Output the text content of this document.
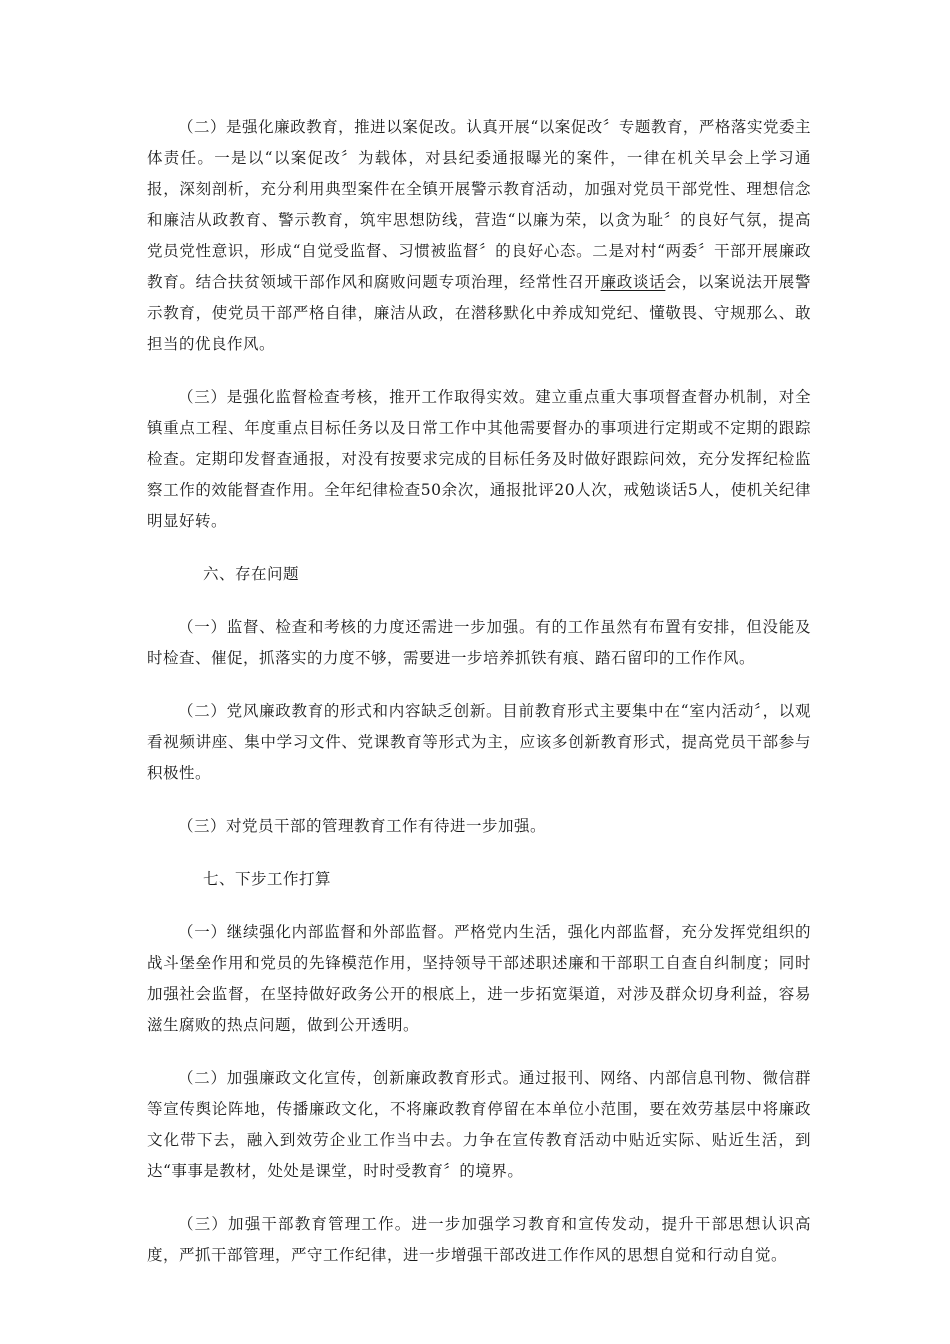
（二）是强化廉政教育，推进以案促改。认真开展“以案促改〞专题教育，严格落实党委主体责任。一是以“以案促改〞为载体，对县纪委通报曝光的案件，一律在机关早会上学习通报，深刻剖析，充分利用典型案件在全镇开展警示教育活动，加强对党员干部党性、理想信念和廉洁从政教育、警示教育，筑牢思想防线，营造“以廉为荣，以贪为耻〞的良好气氛，提高党员党性意识，形成“自觉受监督、习惯被监督〞的良好心态。二是对村“两委〞干部开展廉政教育。结合扶贫领域干部作风和腐败问题专项治理，经常性召开廉政谈话会，以案说法开展警示教育，使党员干部严格自律，廉洁从政，在潜移默化中养成知党纪、懂敬畏、守规那么、敢担当的优良作风。

（三）是强化监督检查考核，推开工作取得实效。建立重点重大事项督查督办机制，对全镇重点工程、年度重点目标任务以及日常工作中其他需要督办的事项进行定期或不定期的跟踪检查。定期印发督查通报，对没有按要求完成的目标任务及时做好跟踪问效，充分发挥纪检监察工作的效能督查作用。全年纪律检查50余次，通报批评20人次，戒勉谈话5人，使机关纪律明显好转。

六、存在问题

（一）监督、检查和考核的力度还需进一步加强。有的工作虽然有布置有安排，但没能及时检查、催促，抓落实的力度不够，需要进一步培养抓铁有痕、踏石留印的工作作风。

（二）党风廉政教育的形式和内容缺乏创新。目前教育形式主要集中在“室内活动〞，以观看视频讲座、集中学习文件、党课教育等形式为主，应该多创新教育形式，提高党员干部参与积极性。

（三）对党员干部的管理教育工作有待进一步加强。

七、下步工作打算

（一）继续强化内部监督和外部监督。严格党内生活，强化内部监督，充分发挥党组织的战斗堡垒作用和党员的先锋模范作用，坚持领导干部述职述廉和干部职工自查自纠制度；同时加强社会监督，在坚持做好政务公开的根底上，进一步拓宽渠道，对涉及群众切身利益，容易滋生腐败的热点问题，做到公开透明。

（二）加强廉政文化宣传，创新廉政教育形式。通过报刊、网络、内部信息刊物、微信群等宣传舆论阵地，传播廉政文化，不将廉政教育停留在本单位小范围，要在效劳基层中将廉政文化带下去，融入到效劳企业工作当中去。力争在宣传教育活动中贴近实际、贴近生活，到达“事事是教材，处处是课堂，时时受教育〞的境界。

（三）加强干部教育管理工作。进一步加强学习教育和宣传发动，提升干部思想认识高度，严抓干部管理，严守工作纪律，进一步增强干部改进工作作风的思想自觉和行动自觉。
